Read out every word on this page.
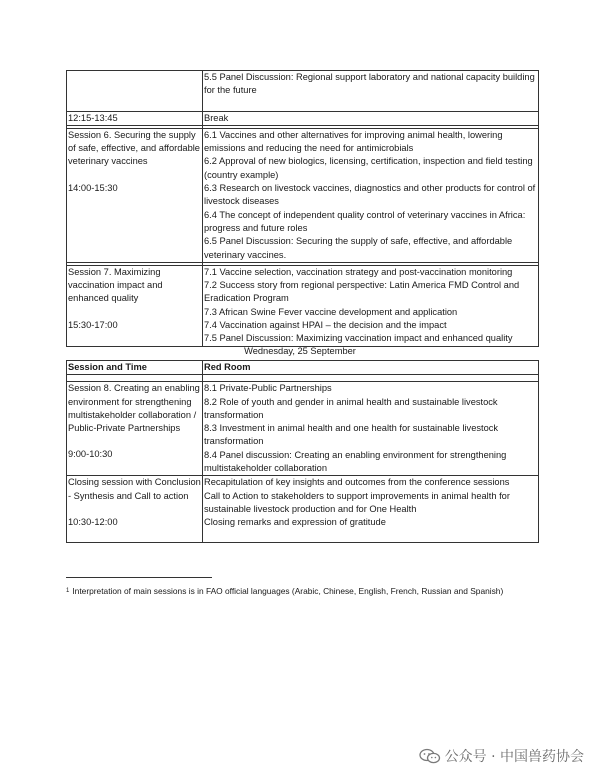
	5.5 Panel Discussion: Regional support laboratory and national capacity building for the future

12:15-13:45	Break

Session 6. Securing the supply of safe, effective, and affordable veterinary vaccines
14:00-15:30	6.1 Vaccines and other alternatives for improving animal health, lowering emissions and reducing the need for antimicrobials
6.2 Approval of new biologics, licensing, certification, inspection and field testing (country example)
6.3 Research on livestock vaccines, diagnostics and other products for control of livestock diseases
6.4 The concept of independent quality control of veterinary vaccines in Africa: progress and future roles
6.5 Panel Discussion: Securing the supply of safe, effective, and affordable veterinary vaccines.

Session 7. Maximizing vaccination impact and enhanced quality
15:30-17:00	7.1 Vaccine selection, vaccination strategy and post-vaccination monitoring
7.2 Success story from regional perspective: Latin America FMD Control and Eradication Program
7.3 African Swine Fever vaccine development and application
7.4 Vaccination against HPAI – the decision and the impact
7.5 Panel Discussion: Maximizing vaccination impact and enhanced quality
Wednesday, 25 September
Session and Time	Red Room

Session 8. Creating an enabling environment for strengthening multistakeholder collaboration / Public-Private Partnerships
9:00-10:30	8.1 Private-Public Partnerships
8.2 Role of youth and gender in animal health and sustainable livestock transformation
8.3 Investment in animal health and one health for sustainable livestock transformation
8.4 Panel discussion: Creating an enabling environment for strengthening multistakeholder collaboration

Closing session with Conclusion - Synthesis and Call to action
10:30-12:00	Recapitulation of key insights and outcomes from the conference sessions
Call to Action to stakeholders to support improvements in animal health for sustainable livestock production and for One Health
Closing remarks and expression of gratitude
$^1$ Interpretation of main sessions is in FAO official languages (Arabic, Chinese, English, French, Russian and Spanish)
公众号 · 中国兽药协会
